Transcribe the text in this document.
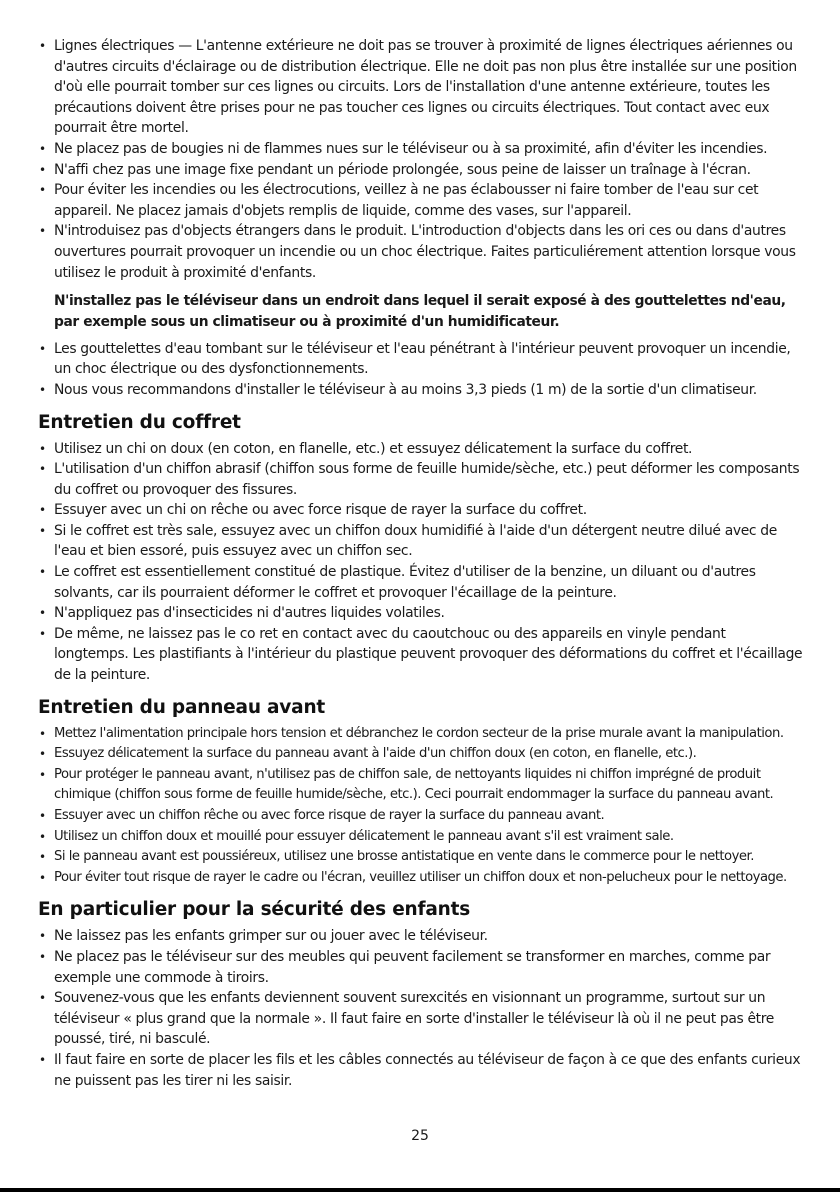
• Lignes électriques — L'antenne extérieure ne doit pas se trouver à proximité de lignes électriques aériennes ou d'autres circuits d'éclairage ou de distribution électrique. Elle ne doit pas non plus être installée sur une position d'où elle pourrait tomber sur ces lignes ou circuits. Lors de l'installation d'une antenne extérieure, toutes les précautions doivent être prises pour ne pas toucher ces lignes ou circuits électriques. Tout contact avec eux pourrait être mortel.
• Ne placez pas de bougies ni de flammes nues sur le téléviseur ou à sa proximité, afin d'éviter les incendies.
• N'affi chez pas une image fixe pendant un période prolongée, sous peine de laisser un traînage à l'écran.
• Pour éviter les incendies ou les électrocutions, veillez à ne pas éclabousser ni faire tomber de l'eau sur cet appareil. Ne placez jamais d'objets remplis de liquide, comme des vases, sur l'appareil.
• N'introduisez pas d'objects étrangers dans le produit. L'introduction d'objects dans les ori ces ou dans d'autres ouvertures pourrait provoquer un incendie ou un choc électrique. Faites particuliérement attention lorsque vous utilisez le produit à proximité d'enfants.
N'installez pas le téléviseur dans un endroit dans lequel il serait exposé à des gouttelettes nd'eau, par exemple sous un climatiseur ou à proximité d'un humidificateur.
• Les gouttelettes d'eau tombant sur le téléviseur et l'eau pénétrant à l'intérieur peuvent provoquer un incendie, un choc électrique ou des dysfonctionnements.
• Nous vous recommandons d'installer le téléviseur à au moins 3,3 pieds (1 m) de la sortie d'un climatiseur.
Entretien du coffret
• Utilisez un chi on doux (en coton, en flanelle, etc.) et essuyez délicatement la surface du coffret.
• L'utilisation d'un chiffon abrasif (chiffon sous forme de feuille humide/sèche, etc.) peut déformer les composants du coffret ou provoquer des fissures.
• Essuyer avec un chi on rêche ou avec force risque de rayer la surface du coffret.
• Si le coffret est très sale, essuyez avec un chiffon doux humidifié à l'aide d'un détergent neutre dilué avec de l'eau et bien essoré, puis essuyez avec un chiffon sec.
• Le coffret est essentiellement constitué de plastique. Évitez d'utiliser de la benzine, un diluant ou d'autres solvants, car ils pourraient déformer le coffret et provoquer l'écaillage de la peinture.
• N'appliquez pas d'insecticides ni d'autres liquides volatiles.
• De même, ne laissez pas le co ret en contact avec du caoutchouc ou des appareils en vinyle pendant longtemps. Les plastifiants à l'intérieur du plastique peuvent provoquer des déformations du coffret et l'écaillage de la peinture.
Entretien du panneau avant
• Mettez l'alimentation principale hors tension et débranchez le cordon secteur de la prise murale avant la manipulation.
• Essuyez délicatement la surface du panneau avant à l'aide d'un chiffon doux (en coton, en flanelle, etc.).
• Pour protéger le panneau avant, n'utilisez pas de chiffon sale, de nettoyants liquides ni chiffon imprégné de produit chimique (chiffon sous forme de feuille humide/sèche, etc.). Ceci pourrait endommager la surface du panneau avant.
• Essuyer avec un chiffon rêche ou avec force risque de rayer la surface du panneau avant.
• Utilisez un chiffon doux et mouillé pour essuyer délicatement le panneau avant s'il est vraiment sale.
• Si le panneau avant est poussiéreux, utilisez une brosse antistatique en vente dans le commerce pour le nettoyer.
• Pour éviter tout risque de rayer le cadre ou l'écran, veuillez utiliser un chiffon doux et non-pelucheux pour le nettoyage.
En particulier pour la sécurité des enfants
• Ne laissez pas les enfants grimper sur ou jouer avec le téléviseur.
• Ne placez pas le téléviseur sur des meubles qui peuvent facilement se transformer en marches, comme par exemple une commode à tiroirs.
• Souvenez-vous que les enfants deviennent souvent surexcités en visionnant un programme, surtout sur un téléviseur « plus grand que la normale ». Il faut faire en sorte d'installer le téléviseur là où il ne peut pas être poussé, tiré, ni basculé.
• Il faut faire en sorte de placer les fils et les câbles connectés au téléviseur de façon à ce que des enfants curieux ne puissent pas les tirer ni les saisir.
25
